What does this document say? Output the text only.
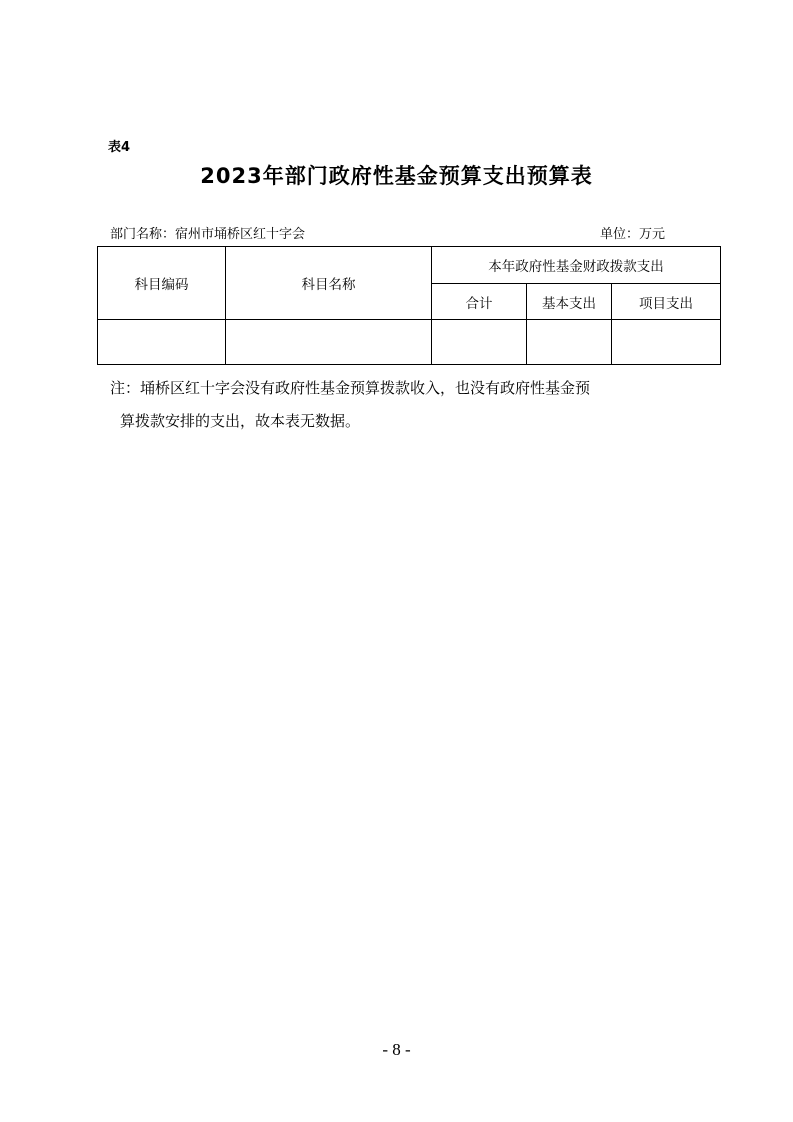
表4
2023年部门政府性基金预算支出预算表
部门名称：宿州市埇桥区红十字会	单位：万元
科目编码	科目名称	本年政府性基金财政拨款支出		
		合计	基本支出	项目支出

注：埇桥区红十字会没有政府性基金预算拨款收入，也没有政府性基金预

算拨款安排的支出，故本表无数据。

- 8 -
